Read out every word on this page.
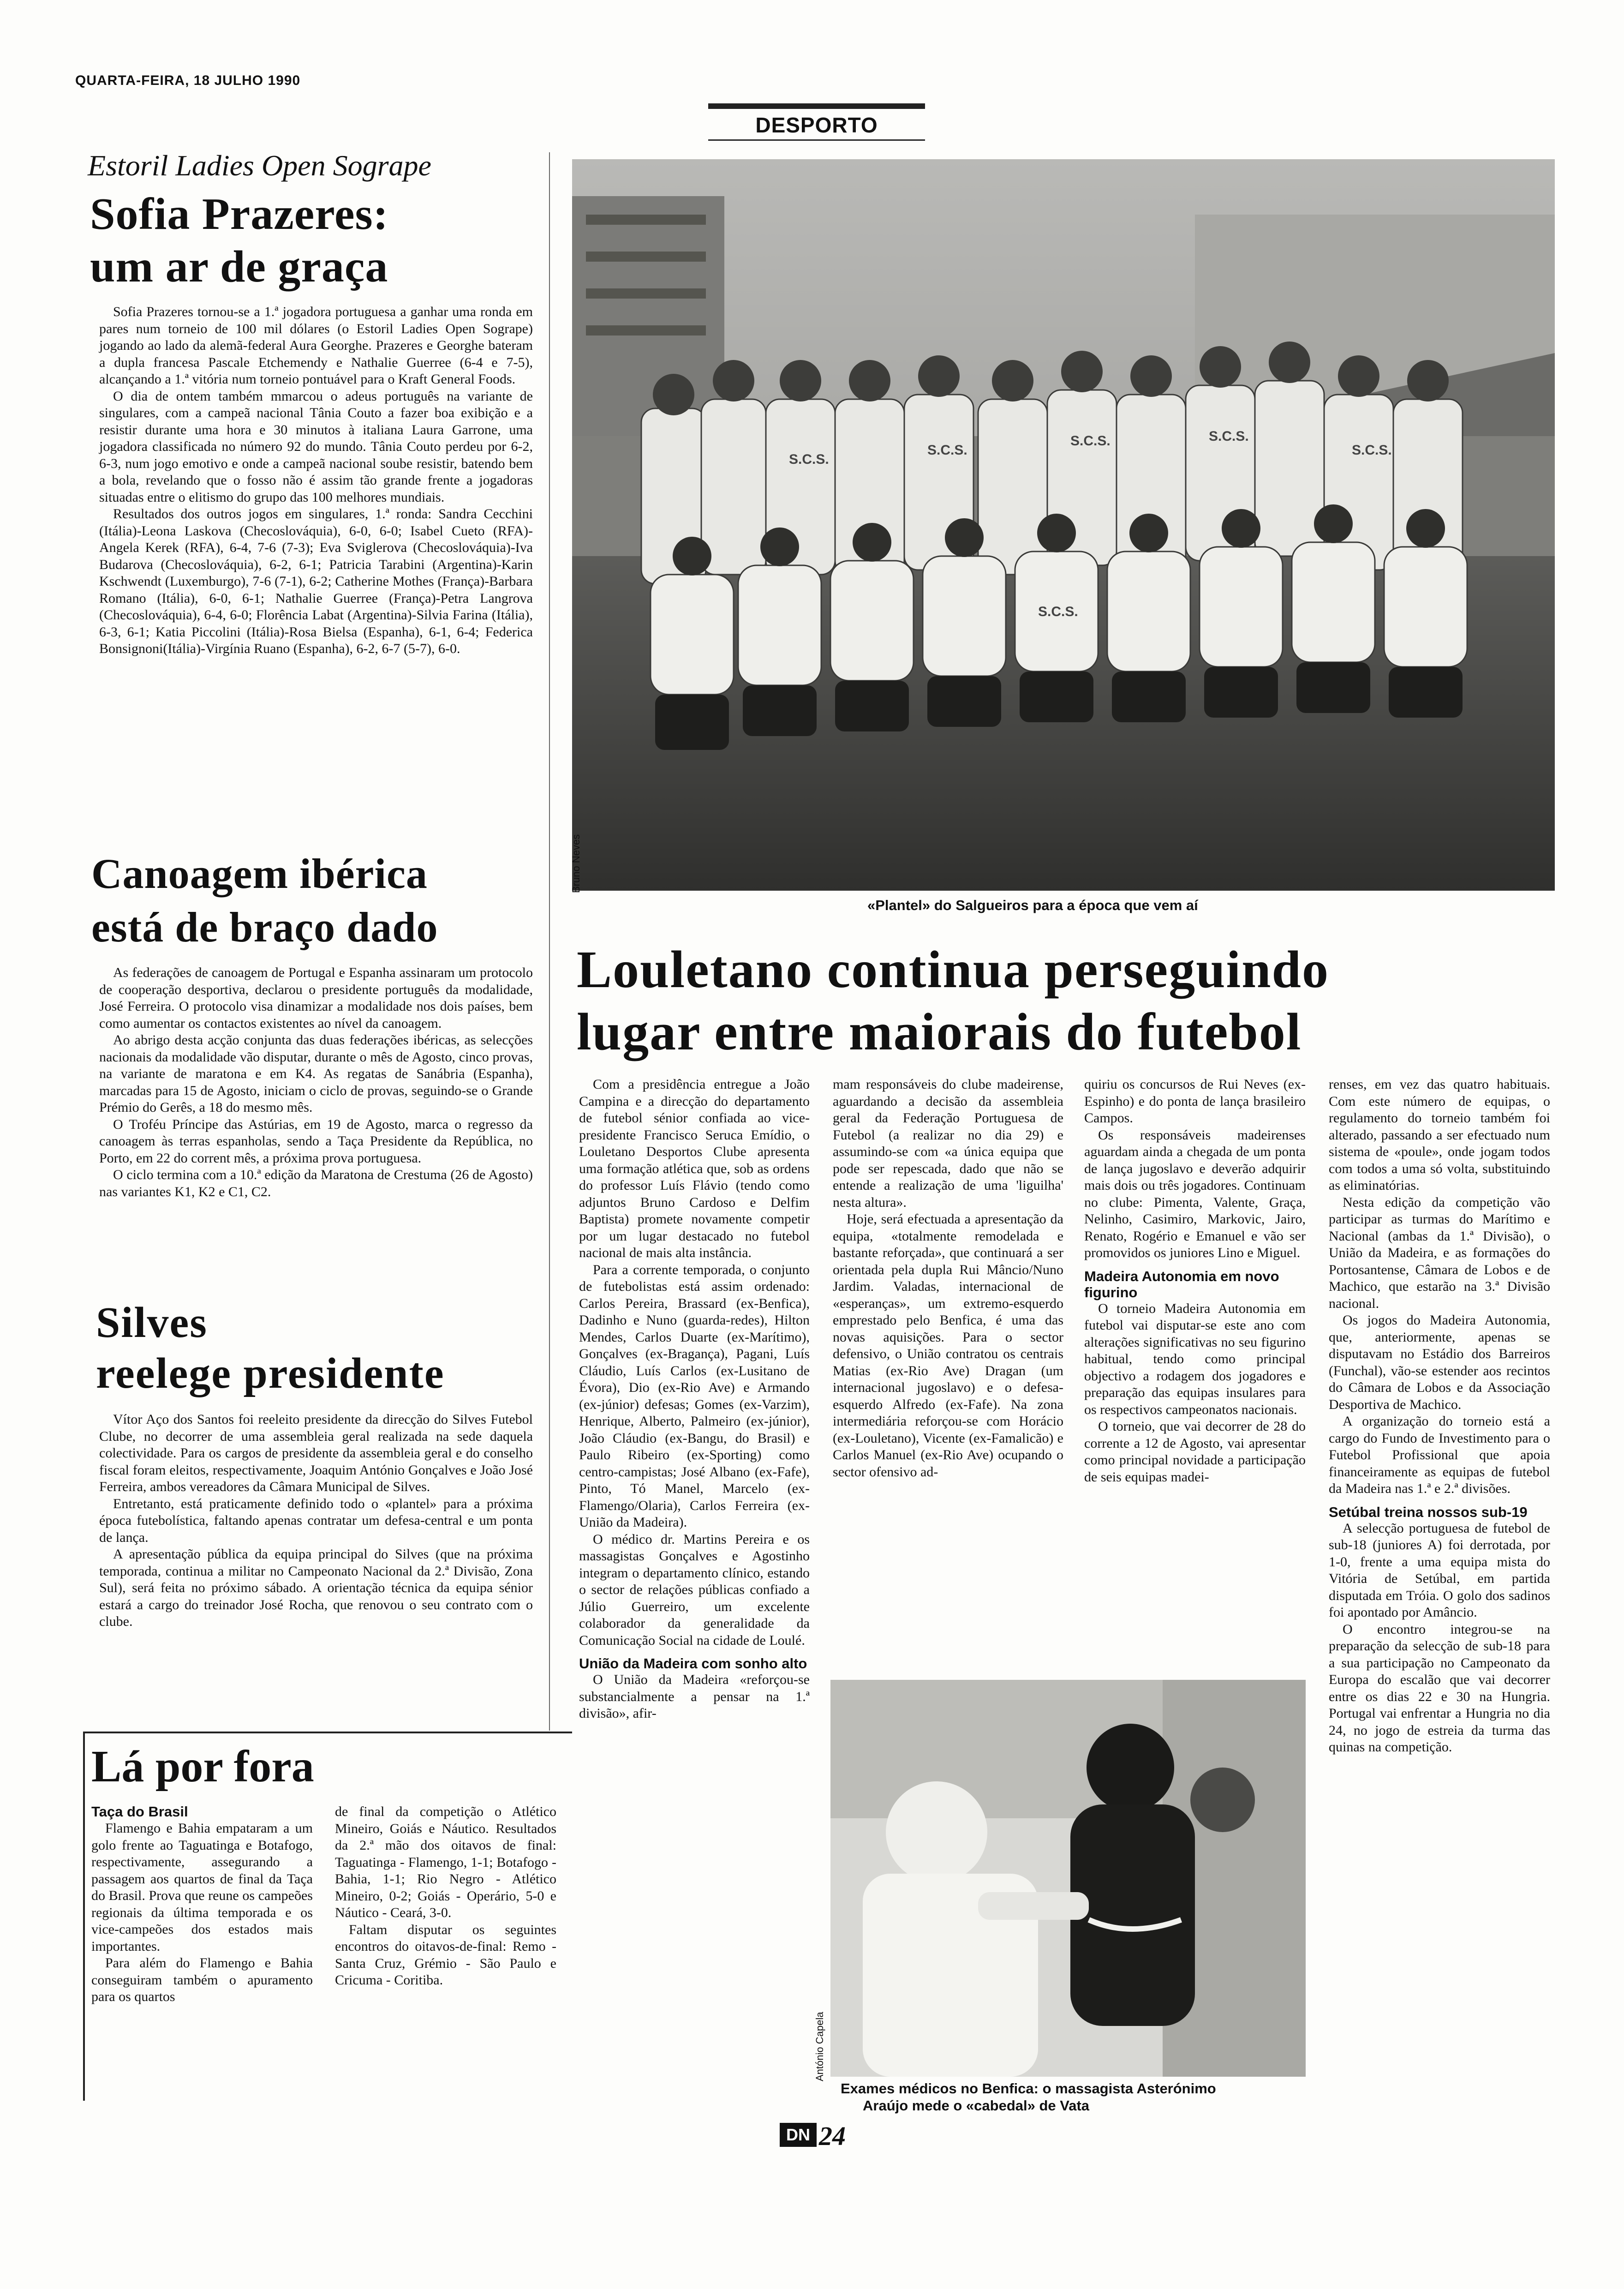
QUARTA-FEIRA, 18 JULHO 1990
DESPORTO
Estoril Ladies Open Sogrape
Sofia Prazeres:
um ar de graça

Sofia Prazeres tornou-se a 1.ª jogadora portuguesa a ganhar uma ronda em pares num torneio de 100 mil dólares (o Estoril Ladies Open Sogrape) jogando ao lado da alemã-federal Aura Georghe. Prazeres e Georghe bateram a dupla francesa Pascale Etchemendy e Nathalie Guerree (6-4 e 7-5), alcançando a 1.ª vitória num torneio pontuável para o Kraft General Foods.

O dia de ontem também mmarcou o adeus português na variante de singulares, com a campeã nacional Tânia Couto a fazer boa exibição e a resistir durante uma hora e 30 minutos à italiana Laura Garrone, uma jogadora classificada no número 92 do mundo. Tânia Couto perdeu por 6-2, 6-3, num jogo emotivo e onde a campeã nacional soube resistir, batendo bem a bola, revelando que o fosso não é assim tão grande frente a jogadoras situadas entre o elitismo do grupo das 100 melhores mundiais.

Resultados dos outros jogos em singulares, 1.ª ronda: Sandra Cecchini (Itália)-Leona Laskova (Checoslováquia), 6-0, 6-0; Isabel Cueto (RFA)-Angela Kerek (RFA), 6-4, 7-6 (7-3); Eva Sviglerova (Checoslováquia)-Iva Budarova (Checoslováquia), 6-2, 6-1; Patricia Tarabini (Argentina)-Karin Kschwendt (Luxemburgo), 7-6 (7-1), 6-2; Catherine Mothes (França)-Barbara Romano (Itália), 6-0, 6-1; Nathalie Guerree (França)-Petra Langrova (Checoslováquia), 6-4, 6-0; Florência Labat (Argentina)-Silvia Farina (Itália), 6-3, 6-1; Katia Piccolini (Itália)-Rosa Bielsa (Espanha), 6-1, 6-4; Federica Bonsignoni(Itália)-Virgínia Ruano (Espanha), 6-2, 6-7 (5-7), 6-0.

Canoagem ibérica
está de braço dado

As federações de canoagem de Portugal e Espanha assinaram um protocolo de cooperação desportiva, declarou o presidente português da modalidade, José Ferreira. O protocolo visa dinamizar a modalidade nos dois países, bem como aumentar os contactos existentes ao nível da canoagem.

Ao abrigo desta acção conjunta das duas federações ibéricas, as selecções nacionais da modalidade vão disputar, durante o mês de Agosto, cinco provas, na variante de maratona e em K4. As regatas de Sanábria (Espanha), marcadas para 15 de Agosto, iniciam o ciclo de provas, seguindo-se o Grande Prémio do Gerês, a 18 do mesmo mês.

O Troféu Príncipe das Astúrias, em 19 de Agosto, marca o regresso da canoagem às terras espanholas, sendo a Taça Presidente da República, no Porto, em 22 do corrent mês, a próxima prova portuguesa.

O ciclo termina com a 10.ª edição da Maratona de Crestuma (26 de Agosto) nas variantes K1, K2 e C1, C2.

Silves
reelege presidente

Vítor Aço dos Santos foi reeleito presidente da direcção do Silves Futebol Clube, no decorrer de uma assembleia geral realizada na sede daquela colectividade. Para os cargos de presidente da assembleia geral e do conselho fiscal foram eleitos, respectivamente, Joaquim António Gonçalves e João José Ferreira, ambos vereadores da Câmara Municipal de Silves.

Entretanto, está praticamente definido todo o «plantel» para a próxima época futebolística, faltando apenas contratar um defesa-central e um ponta de lança.

A apresentação pública da equipa principal do Silves (que na próxima temporada, continua a militar no Campeonato Nacional da 2.ª Divisão, Zona Sul), será feita no próximo sábado. A orientação técnica da equipa sénior estará a cargo do treinador José Rocha, que renovou o seu contrato com o clube.

Lá por fora
Taça do Brasil

Flamengo e Bahia empataram a um golo frente ao Taguatinga e Botafogo, respectivamente, assegurando a passagem aos quartos de final da Taça do Brasil. Prova que reune os campeões regionais da última temporada e os vice-campeões dos estados mais importantes.

Para além do Flamengo e Bahia conseguiram também o apuramento para os quartos

de final da competição o Atlético Mineiro, Goiás e Náutico. Resultados da 2.ª mão dos oitavos de final: Taguatinga - Flamengo, 1-1; Botafogo - Bahia, 1-1; Rio Negro - Atlético Mineiro, 0-2; Goiás - Operário, 5-0 e Náutico - Ceará, 3-0.

Faltam disputar os seguintes encontros do oitavos-de-final: Remo - Santa Cruz, Grémio - São Paulo e Cricuma - Coritiba.

S.C.S.
S.C.S.
S.C.S.	S.C.S.
S.C.S.
S.C.S.
Bruno Neves
«Plantel» do Salgueiros para a época que vem aí
Louletano continua perseguindo
lugar entre maiorais do futebol

Com a presidência entregue a João Campina e a direcção do departamento de futebol sénior confiada ao vice-presidente Francisco Seruca Emídio, o Louletano Desportos Clube apresenta uma formação atlética que, sob as ordens do professor Luís Flávio (tendo como adjuntos Bruno Cardoso e Delfim Baptista) promete novamente competir por um lugar destacado no futebol nacional de mais alta instância.

Para a corrente temporada, o conjunto de futebolistas está assim ordenado: Carlos Pereira, Brassard (ex-Benfica), Dadinho e Nuno (guarda-redes), Hilton Mendes, Carlos Duarte (ex-Marítimo), Gonçalves (ex-Bragança), Pagani, Luís Cláudio, Luís Carlos (ex-Lusitano de Évora), Dio (ex-Rio Ave) e Armando (ex-júnior) defesas; Gomes (ex-Varzim), Henrique, Alberto, Palmeiro (ex-júnior), João Cláudio (ex-Bangu, do Brasil) e Paulo Ribeiro (ex-Sporting) como centro-campistas; José Albano (ex-Fafe), Pinto, Tó Manel, Marcelo (ex-Flamengo/Olaria), Carlos Ferreira (ex-União da Madeira).

O médico dr. Martins Pereira e os massagistas Gonçalves e Agostinho integram o departamento clínico, estando o sector de relações públicas confiado a Júlio Guerreiro, um excelente colaborador da generalidade da Comunicação Social na cidade de Loulé.

União da Madeira com sonho alto

O União da Madeira «reforçou-se substancialmente a pensar na 1.ª divisão», afir-

mam responsáveis do clube madeirense, aguardando a decisão da assembleia geral da Federação Portuguesa de Futebol (a realizar no dia 29) e assumindo-se com «a única equipa que pode ser repescada, dado que não se entende a realização de uma 'liguilha' nesta altura».

Hoje, será efectuada a apresentação da equipa, «totalmente remodelada e bastante reforçada», que continuará a ser orientada pela dupla Rui Mâncio/Nuno Jardim. Valadas, internacional de «esperanças», um extremo-esquerdo emprestado pelo Benfica, é uma das novas aquisições. Para o sector defensivo, o União contratou os centrais Matias (ex-Rio Ave) Dragan (um internacional jugoslavo) e o defesa-esquerdo Alfredo (ex-Fafe). Na zona intermediária reforçou-se com Horácio (ex-Louletano), Vicente (ex-Famalicão) e Carlos Manuel (ex-Rio Ave) ocupando o sector ofensivo ad-

quiriu os concursos de Rui Neves (ex-Espinho) e do ponta de lança brasileiro Campos.

Os responsáveis madeirenses aguardam ainda a chegada de um ponta de lança jugoslavo e deverão adquirir mais dois ou três jogadores. Continuam no clube: Pimenta, Valente, Graça, Nelinho, Casimiro, Markovic, Jairo, Renato, Rogério e Emanuel e vão ser promovidos os juniores Lino e Miguel.

Madeira Autonomia em novo figurino

O torneio Madeira Autonomia em futebol vai disputar-se este ano com alterações significativas no seu figurino habitual, tendo como principal objectivo a rodagem dos jogadores e preparação das equipas insulares para os respectivos campeonatos nacionais.

O torneio, que vai decorrer de 28 do corrente a 12 de Agosto, vai apresentar como principal novidade a participação de seis equipas madei-

renses, em vez das quatro habituais. Com este número de equipas, o regulamento do torneio também foi alterado, passando a ser efectuado num sistema de «poule», onde jogam todos com todos a uma só volta, substituindo as eliminatórias.

Nesta edição da competição vão participar as turmas do Marítimo e Nacional (ambas da 1.ª Divisão), o União da Madeira, e as formações do Portosantense, Câmara de Lobos e de Machico, que estarão na 3.ª Divisão nacional.

Os jogos do Madeira Autonomia, que, anteriormente, apenas se disputavam no Estádio dos Barreiros (Funchal), vão-se estender aos recintos do Câmara de Lobos e da Associação Desportiva de Machico.

A organização do torneio está a cargo do Fundo de Investimento para o Futebol Profissional que apoia financeiramente as equipas de futebol da Madeira nas 1.ª e 2.ª divisões.

Setúbal treina nossos sub-19

A selecção portuguesa de futebol de sub-18 (juniores A) foi derrotada, por 1-0, frente a uma equipa mista do Vitória de Setúbal, em partida disputada em Tróia. O golo dos sadinos foi apontado por Amâncio.

O encontro integrou-se na preparação da selecção de sub-18 para a sua participação no Campeonato da Europa do escalão que vai decorrer entre os dias 22 e 30 na Hungria. Portugal vai enfrentar a Hungria no dia 24, no jogo de estreia da turma das quinas na competição.

António Capela
Exames médicos no Benfica: o massagista Asterónimo
Araújo mede o «cabedal» de Vata
DN 24
